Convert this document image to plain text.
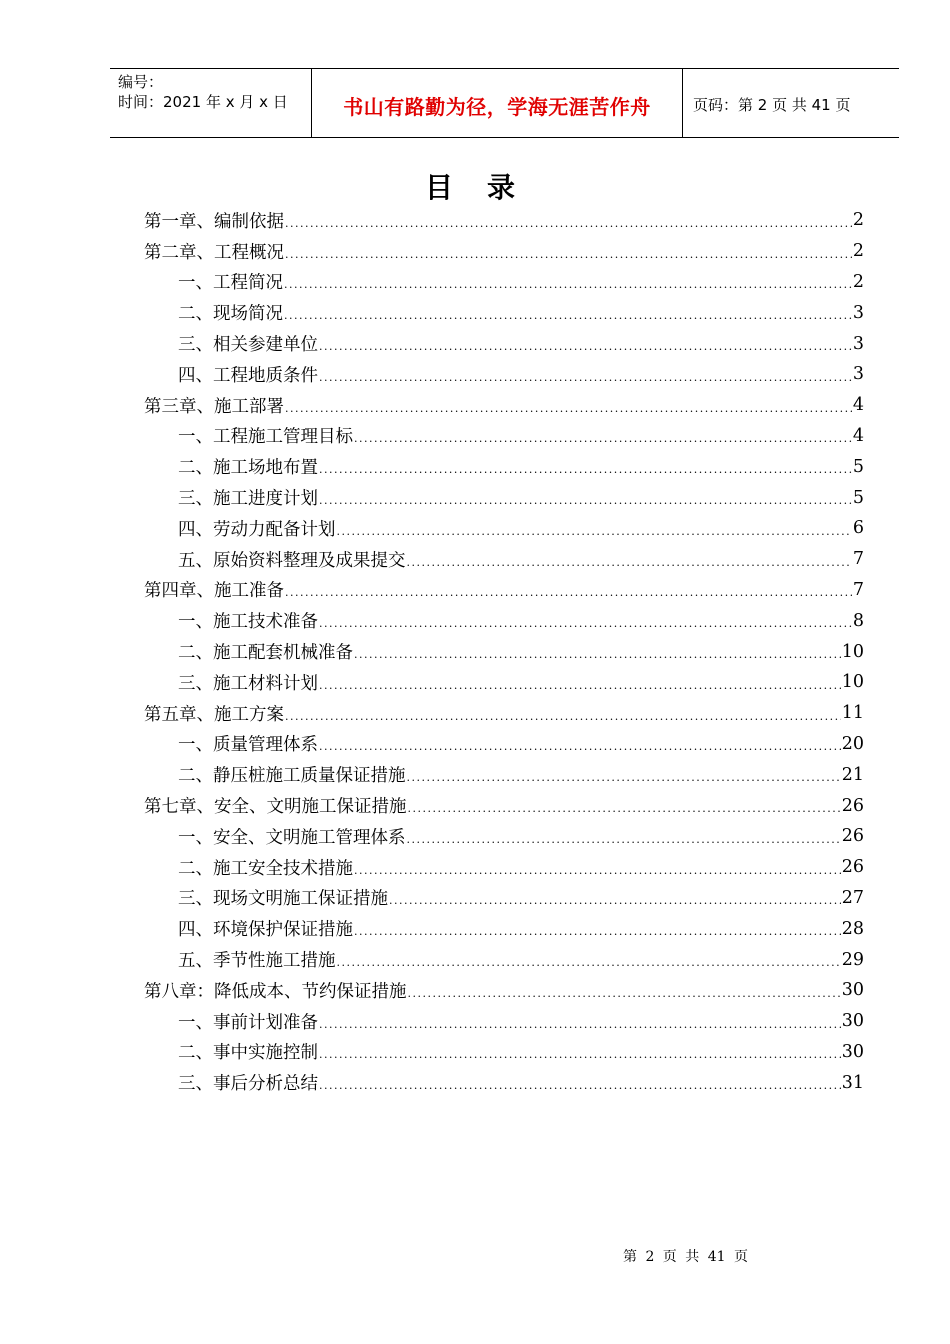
编号：
时间：2021 年 x 月 x 日	书山有路勤为径，学海无涯苦作舟	页码：第 2 页 共 41 页
目录
第一章、编制依据 .....	2
第二章、工程概况 .....	2
一、工程简况 .....	2
二、现场简况 .....	3
三、相关参建单位 .....	3
四、工程地质条件 .....	3
第三章、施工部署 .....	4
一、工程施工管理目标 .....	4
二、施工场地布置 .....	5
三、施工进度计划 .....	5
四、劳动力配备计划 .....	6
五、原始资料整理及成果提交 .....	7
第四章、施工准备 .....	7
一、施工技术准备 .....	8
二、施工配套机械准备 .....	10
三、施工材料计划 .....	10
第五章、施工方案 .....	11
一、质量管理体系 .....	20
二、静压桩施工质量保证措施 .....	21
第七章、安全、文明施工保证措施 .....	26
一、安全、文明施工管理体系 .....	26
二、施工安全技术措施 .....	26
三、现场文明施工保证措施 .....	27
四、环境保护保证措施 .....	28
五、季节性施工措施 .....	29
第八章：降低成本、节约保证措施 .....	30
一、事前计划准备 .....	30
二、事中实施控制 .....	30
三、事后分析总结 .....	31
第 2 页 共 41 页
